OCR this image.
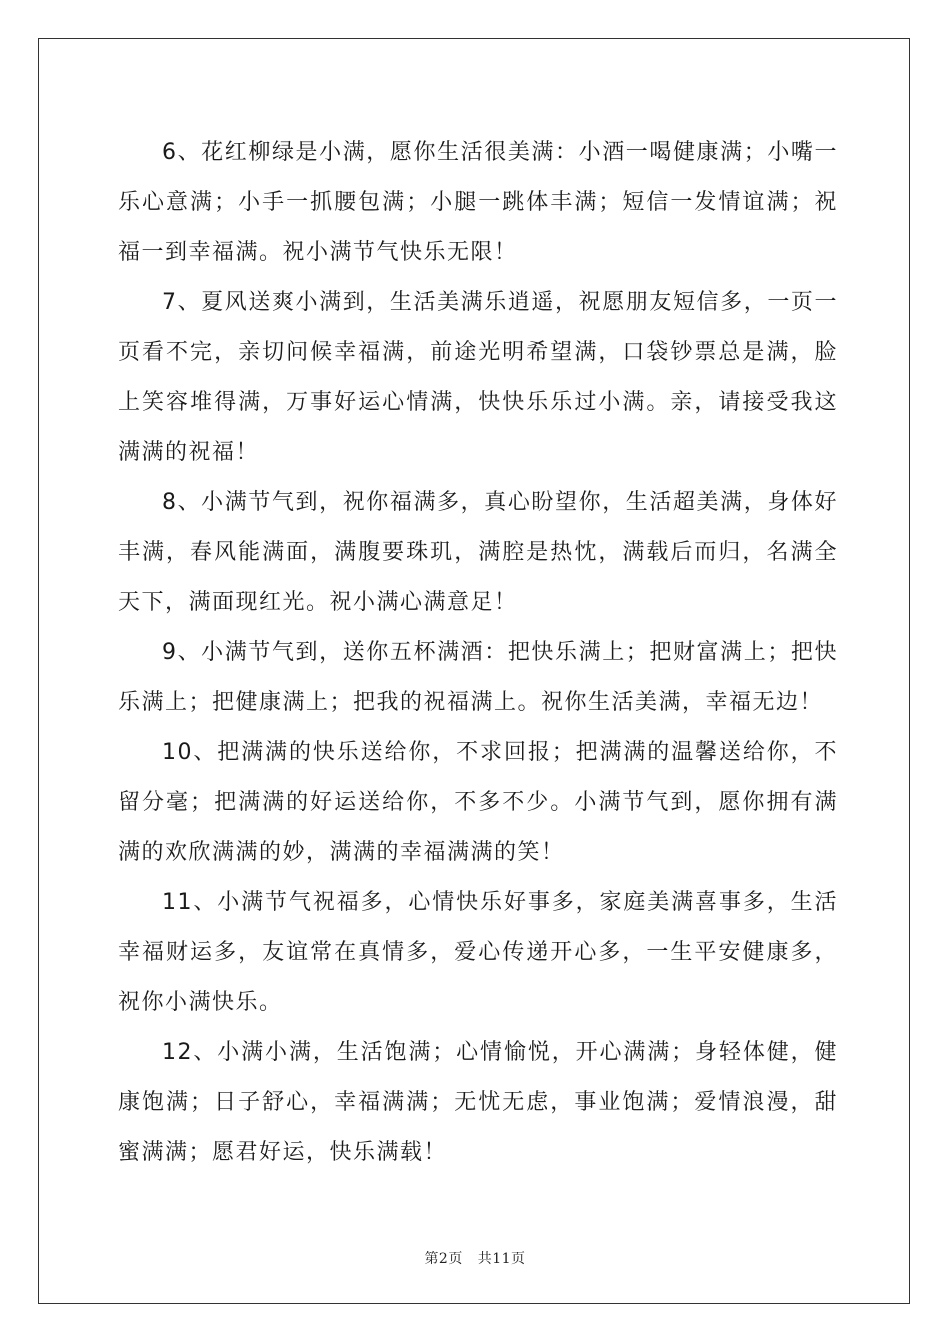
6、花红柳绿是小满，愿你生活很美满：小酒一喝健康满；小嘴一乐心意满；小手一抓腰包满；小腿一跳体丰满；短信一发情谊满；祝福一到幸福满。祝小满节气快乐无限！

7、夏风送爽小满到，生活美满乐逍遥，祝愿朋友短信多，一页一页看不完，亲切问候幸福满，前途光明希望满，口袋钞票总是满，脸上笑容堆得满，万事好运心情满，快快乐乐过小满。亲，请接受我这满满的祝福！

8、小满节气到，祝你福满多，真心盼望你，生活超美满，身体好丰满，春风能满面，满腹要珠玑，满腔是热忱，满载后而归，名满全天下，满面现红光。祝小满心满意足！

9、小满节气到，送你五杯满酒：把快乐满上；把财富满上；把快乐满上；把健康满上；把我的祝福满上。祝你生活美满，幸福无边！

10、把满满的快乐送给你，不求回报；把满满的温馨送给你，不留分毫；把满满的好运送给你，不多不少。小满节气到，愿你拥有满满的欢欣满满的妙，满满的幸福满满的笑！

11、小满节气祝福多，心情快乐好事多，家庭美满喜事多，生活幸福财运多，友谊常在真情多，爱心传递开心多，一生平安健康多，祝你小满快乐。

12、小满小满，生活饱满；心情愉悦，开心满满；身轻体健，健康饱满；日子舒心，幸福满满；无忧无虑，事业饱满；爱情浪漫，甜蜜满满；愿君好运，快乐满载！

第2页 共11页
